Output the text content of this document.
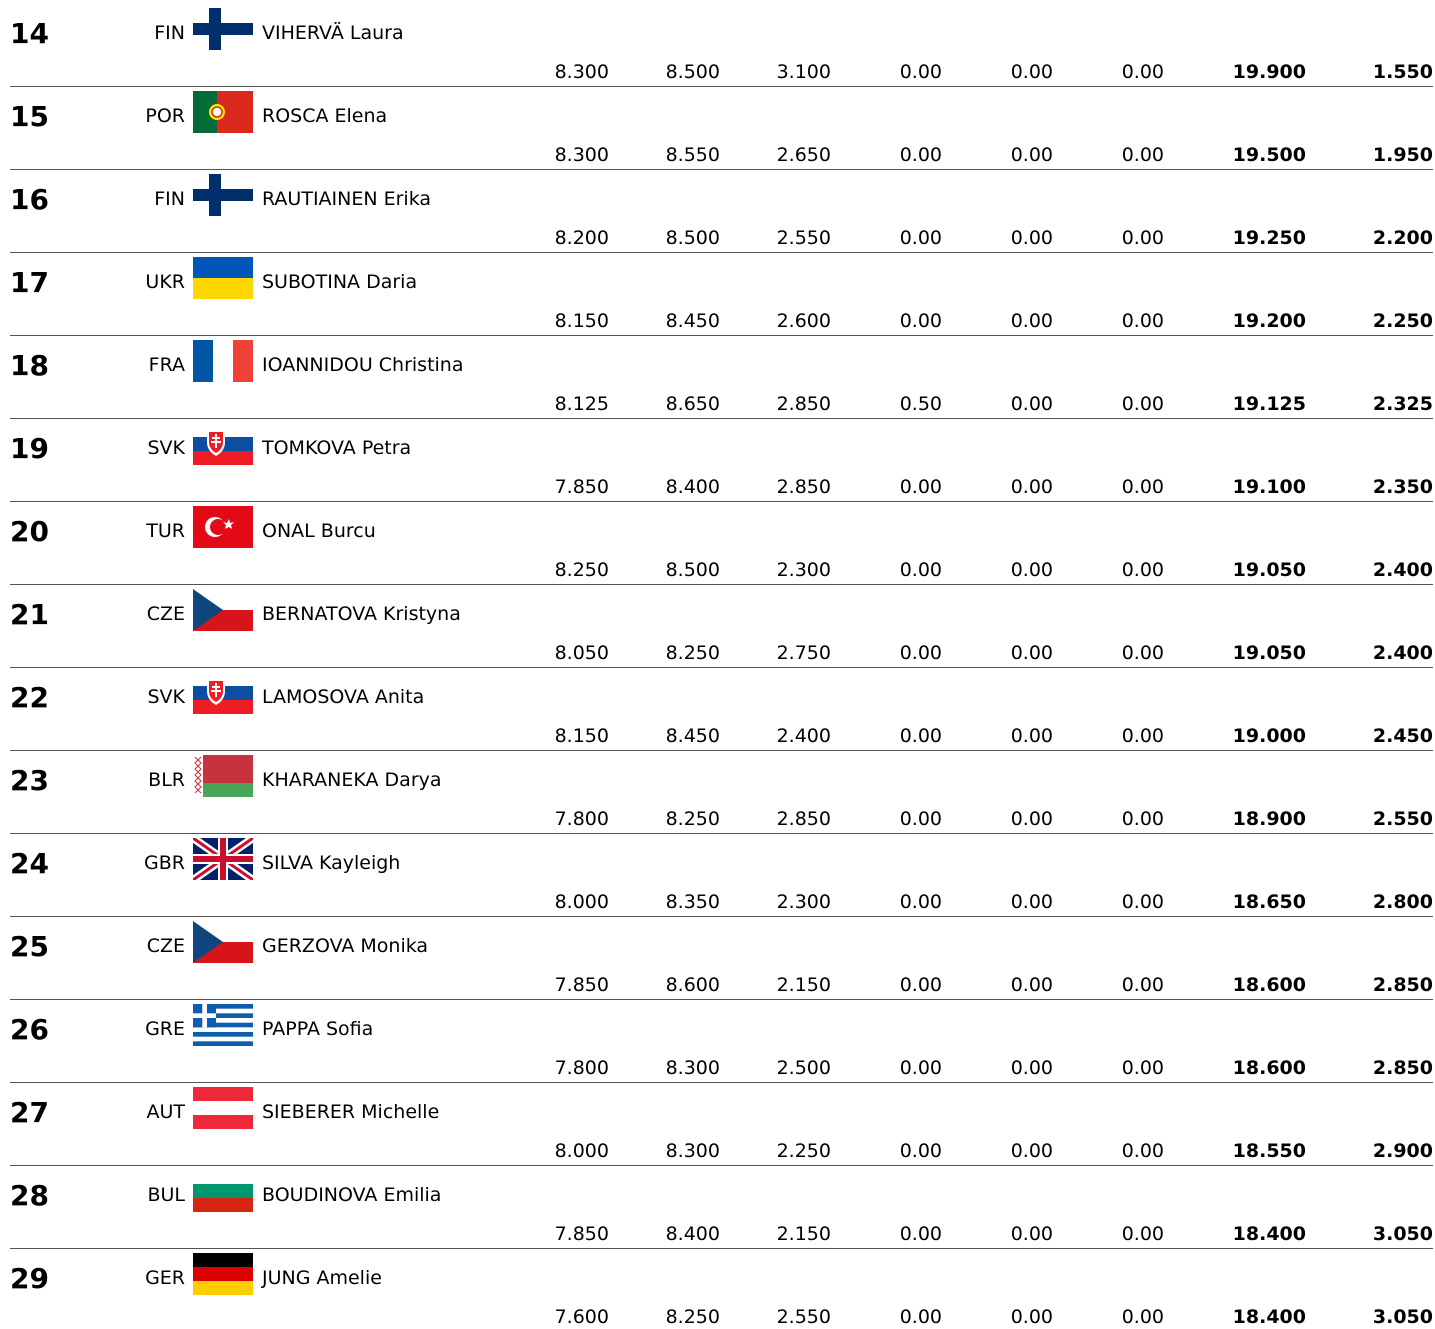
14	FIN	VIHERVÄ Laura
8.300	8.500	3.100	0.00	0.00	0.00	19.900	1.550
15	POR	ROSCA Elena
8.300	8.550	2.650	0.00	0.00	0.00	19.500	1.950
16	FIN	RAUTIAINEN Erika
8.200	8.500	2.550	0.00	0.00	0.00	19.250	2.200
17	UKR	SUBOTINA Daria
8.150	8.450	2.600	0.00	0.00	0.00	19.200	2.250
18	FRA	IOANNIDOU Christina
8.125	8.650	2.850	0.50	0.00	0.00	19.125	2.325
19	SVK	TOMKOVA Petra
7.850	8.400	2.850	0.00	0.00	0.00	19.100	2.350
20	TUR	ONAL Burcu
8.250	8.500	2.300	0.00	0.00	0.00	19.050	2.400
21	CZE	BERNATOVA Kristyna
8.050	8.250	2.750	0.00	0.00	0.00	19.050	2.400
22	SVK	LAMOSOVA Anita
8.150	8.450	2.400	0.00	0.00	0.00	19.000	2.450
23	BLR	KHARANEKA Darya
7.800	8.250	2.850	0.00	0.00	0.00	18.900	2.550
24	GBR	SILVA Kayleigh
8.000	8.350	2.300	0.00	0.00	0.00	18.650	2.800
25	CZE	GERZOVA Monika
7.850	8.600	2.150	0.00	0.00	0.00	18.600	2.850
26	GRE	PAPPA Sofia
7.800	8.300	2.500	0.00	0.00	0.00	18.600	2.850
27	AUT	SIEBERER Michelle
8.000	8.300	2.250	0.00	0.00	0.00	18.550	2.900
28	BUL	BOUDINOVA Emilia
7.850	8.400	2.150	0.00	0.00	0.00	18.400	3.050
29	GER	JUNG Amelie
7.600	8.250	2.550	0.00	0.00	0.00	18.400	3.050
